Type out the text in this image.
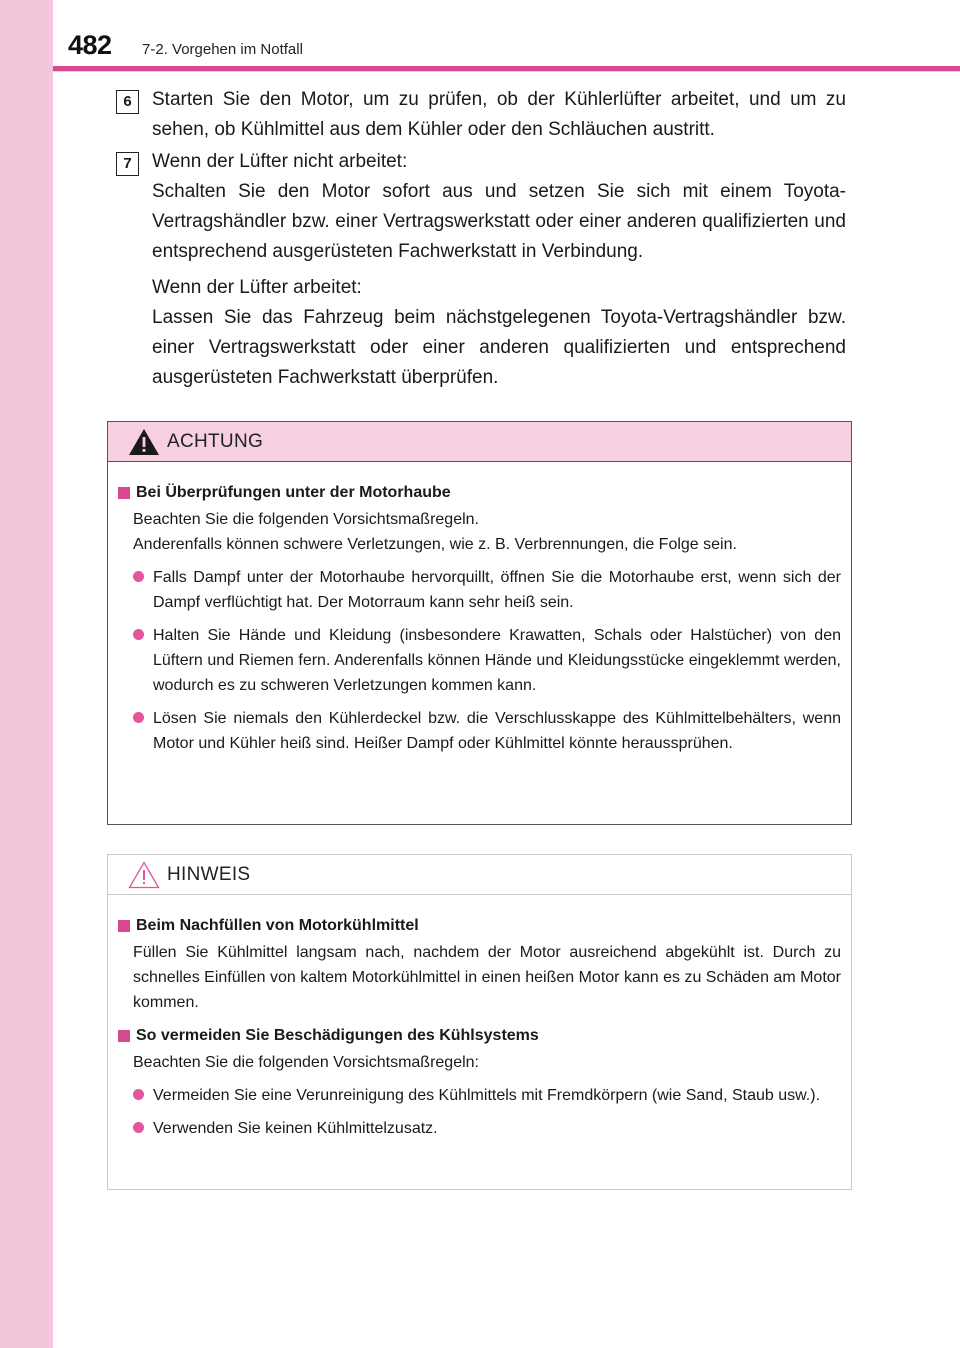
482 7-2. Vorgehen im Notfall
6	Starten Sie den Motor, um zu prüfen, ob der Kühlerlüfter arbeitet, und um zu sehen, ob Kühlmittel aus dem Kühler oder den Schläuchen austritt.

7	Wenn der Lüfter nicht arbeitet:

Schalten Sie den Motor sofort aus und setzen Sie sich mit einem Toyota-Vertragshändler bzw. einer Vertragswerkstatt oder einer anderen qualifizierten und entsprechend ausgerüsteten Fachwerkstatt in Verbindung.

Wenn der Lüfter arbeitet:

Lassen Sie das Fahrzeug beim nächstgelegenen Toyota-Vertragshändler bzw. einer Vertragswerkstatt oder einer anderen qualifizierten und entsprechend ausgerüsteten Fachwerkstatt überprüfen.

ACHTUNG
Bei Überprüfungen unter der Motorhaube
Beachten Sie die folgenden Vorsichtsmaßregeln.
Anderenfalls können schwere Verletzungen, wie z. B. Verbrennungen, die Folge sein.
Falls Dampf unter der Motorhaube hervorquillt, öffnen Sie die Motorhaube erst, wenn sich der Dampf verflüchtigt hat. Der Motorraum kann sehr heiß sein.
Halten Sie Hände und Kleidung (insbesondere Krawatten, Schals oder Halstücher) von den Lüftern und Riemen fern. Anderenfalls können Hände und Kleidungsstücke eingeklemmt werden, wodurch es zu schweren Verletzungen kommen kann.
Lösen Sie niemals den Kühlerdeckel bzw. die Verschlusskappe des Kühlmittelbehälters, wenn Motor und Kühler heiß sind. Heißer Dampf oder Kühlmittel könnte heraussprühen.
HINWEIS
Beim Nachfüllen von Motorkühlmittel
Füllen Sie Kühlmittel langsam nach, nachdem der Motor ausreichend abgekühlt ist. Durch zu schnelles Einfüllen von kaltem Motorkühlmittel in einen heißen Motor kann es zu Schäden am Motor kommen.
So vermeiden Sie Beschädigungen des Kühlsystems
Beachten Sie die folgenden Vorsichtsmaßregeln:
Vermeiden Sie eine Verunreinigung des Kühlmittels mit Fremdkörpern (wie Sand, Staub usw.).
Verwenden Sie keinen Kühlmittelzusatz.
